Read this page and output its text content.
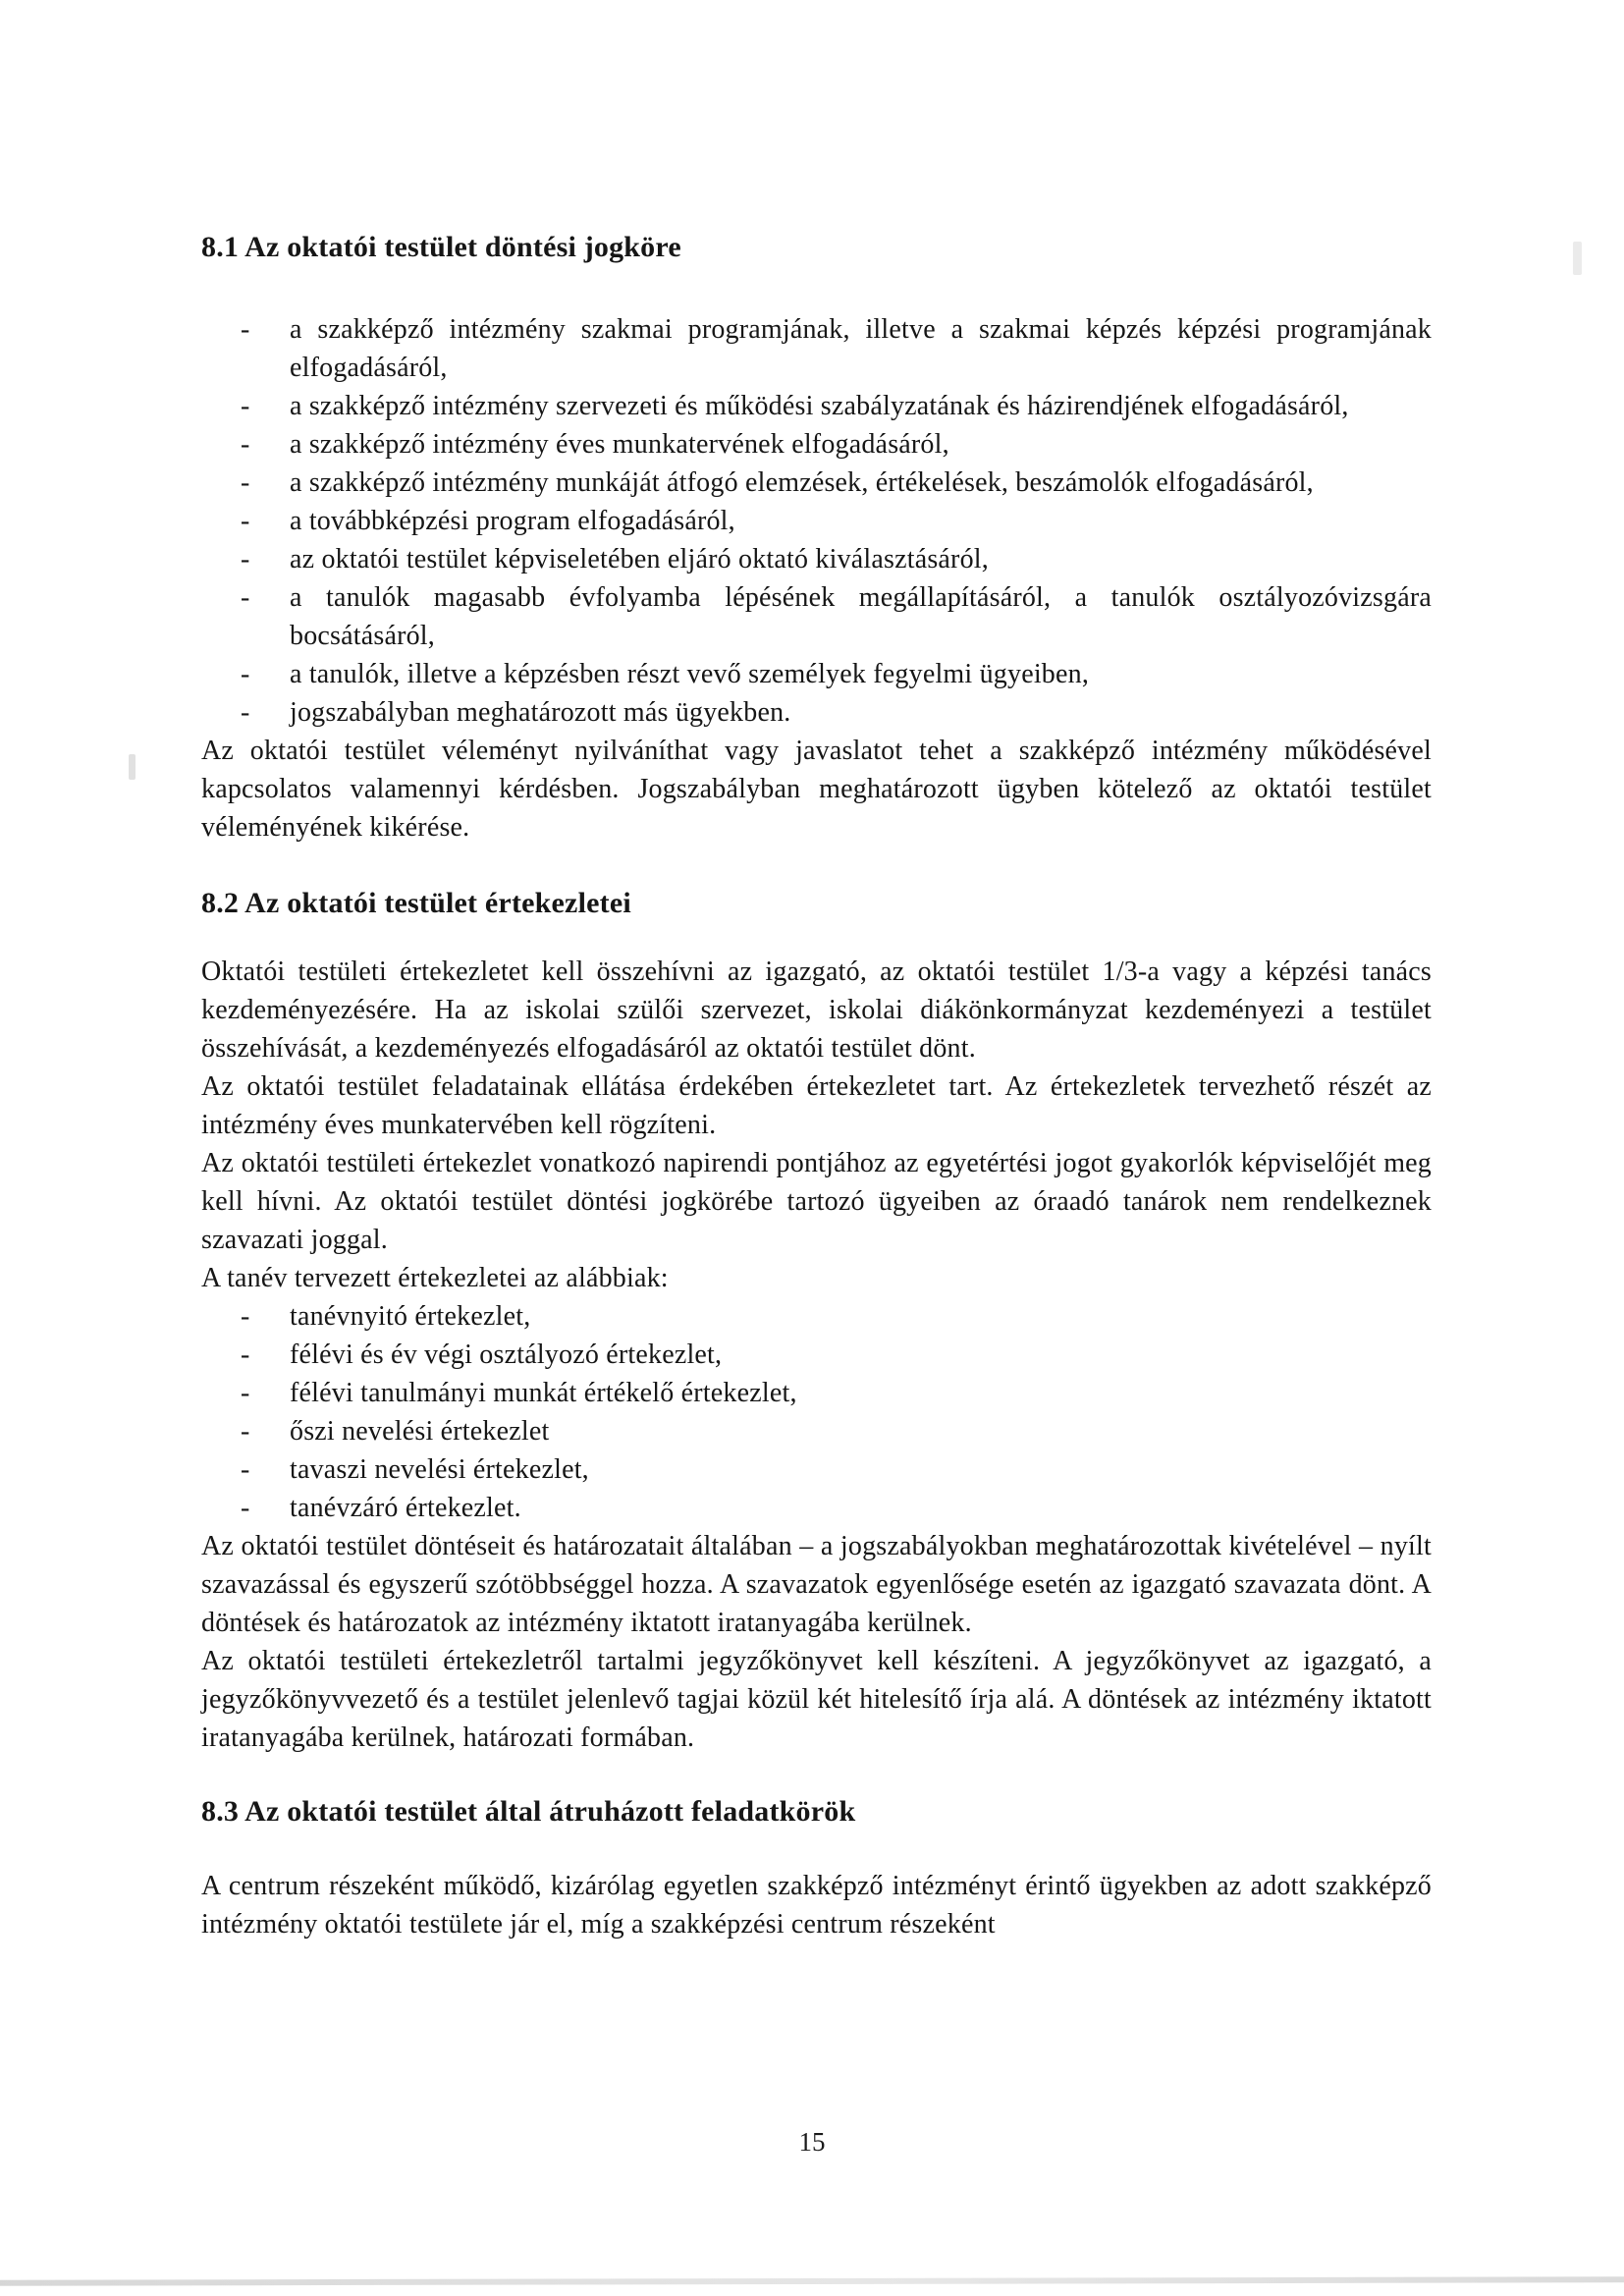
8.1 Az oktatói testület döntési jogköre
- a szakképző intézmény szakmai programjának, illetve a szakmai képzés képzési programjának elfogadásáról,
- a szakképző intézmény szervezeti és működési szabályzatának és házirendjének elfogadásáról,
- a szakképző intézmény éves munkatervének elfogadásáról,
- a szakképző intézmény munkáját átfogó elemzések, értékelések, beszámolók elfogadásáról,
- a továbbképzési program elfogadásáról,
- az oktatói testület képviseletében eljáró oktató kiválasztásáról,
- a tanulók magasabb évfolyamba lépésének megállapításáról, a tanulók osztályozóvizsgára bocsátásáról,
- a tanulók, illetve a képzésben részt vevő személyek fegyelmi ügyeiben,
- jogszabályban meghatározott más ügyekben.
Az oktatói testület véleményt nyilváníthat vagy javaslatot tehet a szakképző intézmény működésével kapcsolatos valamennyi kérdésben. Jogszabályban meghatározott ügyben kötelező az oktatói testület véleményének kikérése.
8.2 Az oktatói testület értekezletei
Oktatói testületi értekezletet kell összehívni az igazgató, az oktatói testület 1/3-a vagy a képzési tanács kezdeményezésére. Ha az iskolai szülői szervezet, iskolai diákönkormányzat kezdeményezi a testület összehívását, a kezdeményezés elfogadásáról az oktatói testület dönt.
Az oktatói testület feladatainak ellátása érdekében értekezletet tart. Az értekezletek tervezhető részét az intézmény éves munkatervében kell rögzíteni.
Az oktatói testületi értekezlet vonatkozó napirendi pontjához az egyetértési jogot gyakorlók képviselőjét meg kell hívni. Az oktatói testület döntési jogkörébe tartozó ügyeiben az óraadó tanárok nem rendelkeznek szavazati joggal.
A tanév tervezett értekezletei az alábbiak:
- tanévnyitó értekezlet,
- félévi és év végi osztályozó értekezlet,
- félévi tanulmányi munkát értékelő értekezlet,
- őszi nevelési értekezlet
- tavaszi nevelési értekezlet,
- tanévzáró értekezlet.
Az oktatói testület döntéseit és határozatait általában – a jogszabályokban meghatározottak kivételével – nyílt szavazással és egyszerű szótöbbséggel hozza. A szavazatok egyenlősége esetén az igazgató szavazata dönt. A döntések és határozatok az intézmény iktatott iratanyagába kerülnek.
Az oktatói testületi értekezletről tartalmi jegyzőkönyvet kell készíteni. A jegyzőkönyvet az igazgató, a jegyzőkönyvvezető és a testület jelenlevő tagjai közül két hitelesítő írja alá. A döntések az intézmény iktatott iratanyagába kerülnek, határozati formában.
8.3 Az oktatói testület által átruházott feladatkörök
A centrum részeként működő, kizárólag egyetlen szakképző intézményt érintő ügyekben az adott szakképző intézmény oktatói testülete jár el, míg a szakképzési centrum részeként
15
